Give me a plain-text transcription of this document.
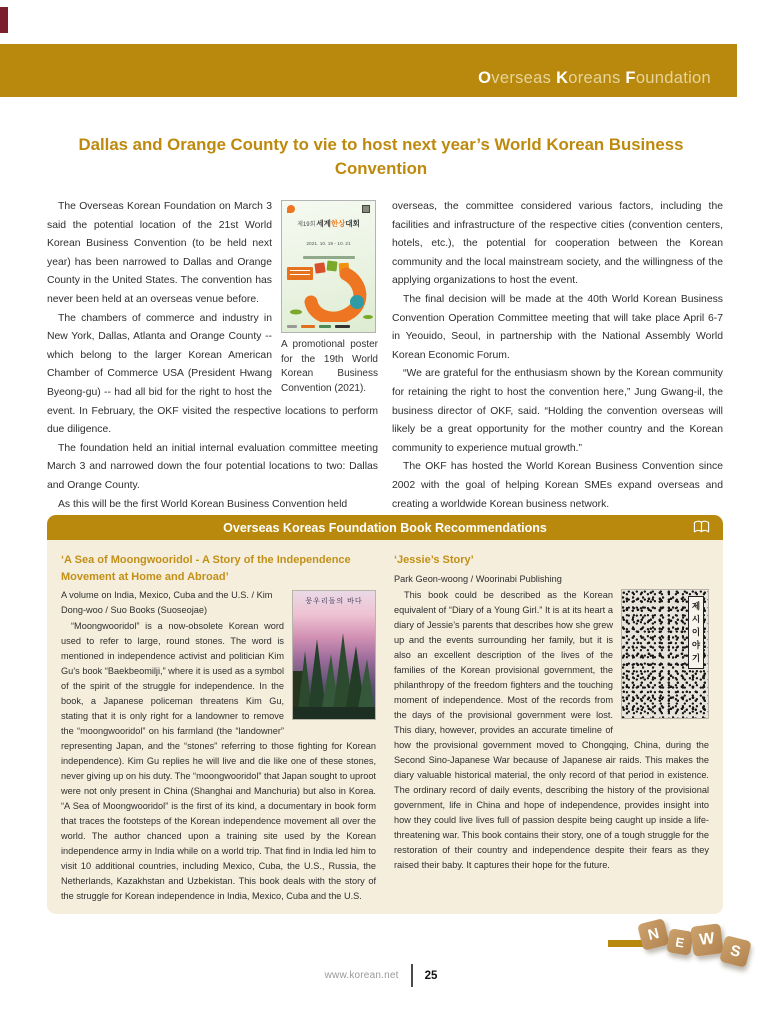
Overseas Koreans Foundation
Dallas and Orange County to vie to host next year’s World Korean Business Convention
제19회세계한상대회
2021. 10. 19 - 10. 21
A promotional poster for the 19th World Korean Business Convention (2021).

The Overseas Korean Foundation on March 3 said the potential location of the 21st World Korean Business Convention (to be held next year) has been narrowed to Dallas and Orange County in the United States. The convention has never been held at an overseas venue before.

The chambers of commerce and industry in New York, Dallas, Atlanta and Orange County -- which belong to the larger Korean American Chamber of Commerce USA (President Hwang Byeong-gu) -- had all bid for the right to host the event. In February, the OKF visited the respective locations to perform due diligence.

The foundation held an initial internal evaluation committee meeting March 3 and narrowed down the four potential locations to two: Dallas and Orange County.

As this will be the first World Korean Business Convention held

overseas, the committee considered various factors, including the facilities and infrastructure of the respective cities (convention centers, hotels, etc.), the potential for cooperation between the Korean community and the local mainstream society, and the willingness of the applying organizations to host the event.

The final decision will be made at the 40th World Korean Business Convention Operation Committee meeting that will take place April 6-7 in Yeouido, Seoul, in partnership with the National Assembly World Korean Economic Forum.

“We are grateful for the enthusiasm shown by the Korean community for retaining the right to host the convention here,” Jung Gwang-il, the business director of OKF, said. “Holding the convention overseas will likely be a great opportunity for the mother country and the Korean community to experience mutual growth.”

The OKF has hosted the World Korean Business Convention since 2002 with the goal of helping Korean SMEs expand overseas and creating a worldwide Korean business network.

Overseas Koreas Foundation Book Recommendations
‘A Sea of Moongwooridol - A Story of the Independence Movement at Home and Abroad’
뭉우리돌의 바다

A volume on India, Mexico, Cuba and the U.S. / Kim Dong-woo / Suo Books (Suoseojae)

“Moongwooridol” is a now-obsolete Korean word used to refer to large, round stones. The word is mentioned in independence activist and politician Kim Gu’s book “Baekbeomilji,” where it is used as a symbol of the spirit of the struggle for independence. In the book, a Japanese policeman threatens Kim Gu, stating that it is only right for a landowner to remove the “moongwooridol” on his farmland (the “landowner” representing Japan, and the “stones” referring to those fighting for Korean independence). Kim Gu replies he will live and die like one of these stones, never giving up on his duty. The “moongwooridol” that Japan sought to uproot were not only present in China (Shanghai and Manchuria) but also in Korea. “A Sea of Moongwooridol” is the first of its kind, a documentary in book form that traces the footsteps of the Korean independence movement all over the world. The author chanced upon a training site used by the Korean independence army in India while on a world trip. That find in India led him to visit 10 additional countries, including Mexico, Cuba, the U.S., Russia, the Netherlands, Kazakhstan and Uzbekistan. This book deals with the story of the struggle for Korean independence in India, Mexico, Cuba and the U.S.

‘Jessie’s Story’

Park Geon-woong / Woorinabi Publishing

제
시
이
야
기

This book could be described as the Korean equivalent of “Diary of a Young Girl.” It is at its heart a diary of Jessie’s parents that describes how she grew up and the events surrounding her family, but it is also an excellent description of the lives of the families of the Korean provisional government, the philanthropy of the freedom fighters and the touching moment of independence. Most of the records from the days of the provisional government were lost. This diary, however, provides an accurate timeline of how the provisional government moved to Chongqing, China, during the Second Sino-Japanese War because of Japanese air raids. This makes the diary valuable historical material, the only record of that period in existence. The ordinary record of daily events, describing the history of the provisional government, life in China and hope of independence, provides insight into how they could live lives full of passion despite being caught up inside a life-threatening war. This book contains their story, one of a tough struggle for the restoration of their country and independence despite their fears as they raised their baby. It captures their hope for the future.

N	E W
S
www.korean.net 25
